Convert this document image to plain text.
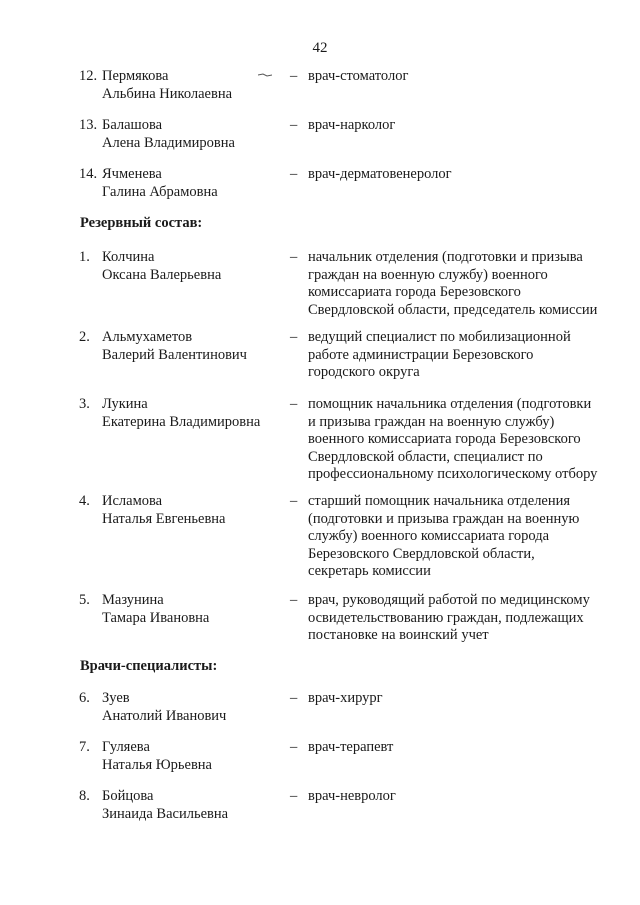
42
12. Пермякова
Альбина Николаевна
– врач-стоматолог
13. Балашова
Алена Владимировна
– врач-нарколог
14. Ячменева
Галина Абрамовна
– врач-дерматовенеролог
Резервный состав:
1. Колчина
Оксана Валерьевна
– начальник отделения (подготовки и призыва
граждан на военную службу) военного
комиссариата города Березовского
Свердловской области, председатель комиссии
2. Альмухаметов
Валерий Валентинович
– ведущий специалист по мобилизационной
работе администрации Березовского
городского округа
3. Лукина
Екатерина Владимировна
– помощник начальника отделения (подготовки
и призыва граждан на военную службу)
военного комиссариата города Березовского
Свердловской области, специалист по
профессиональному психологическому отбору
4. Исламова
Наталья Евгеньевна
– старший помощник начальника отделения
(подготовки и призыва граждан на военную
службу) военного комиссариата города
Березовского Свердловской области,
секретарь комиссии
5. Мазунина
Тамара Ивановна
– врач, руководящий работой по медицинскому
освидетельствованию граждан, подлежащих
постановке на воинский учет
Врачи-специалисты:
6. Зуев
Анатолий Иванович
– врач-хирург
7. Гуляева
Наталья Юрьевна
– врач-терапевт
8. Бойцова
Зинаида Васильевна
– врач-невролог
